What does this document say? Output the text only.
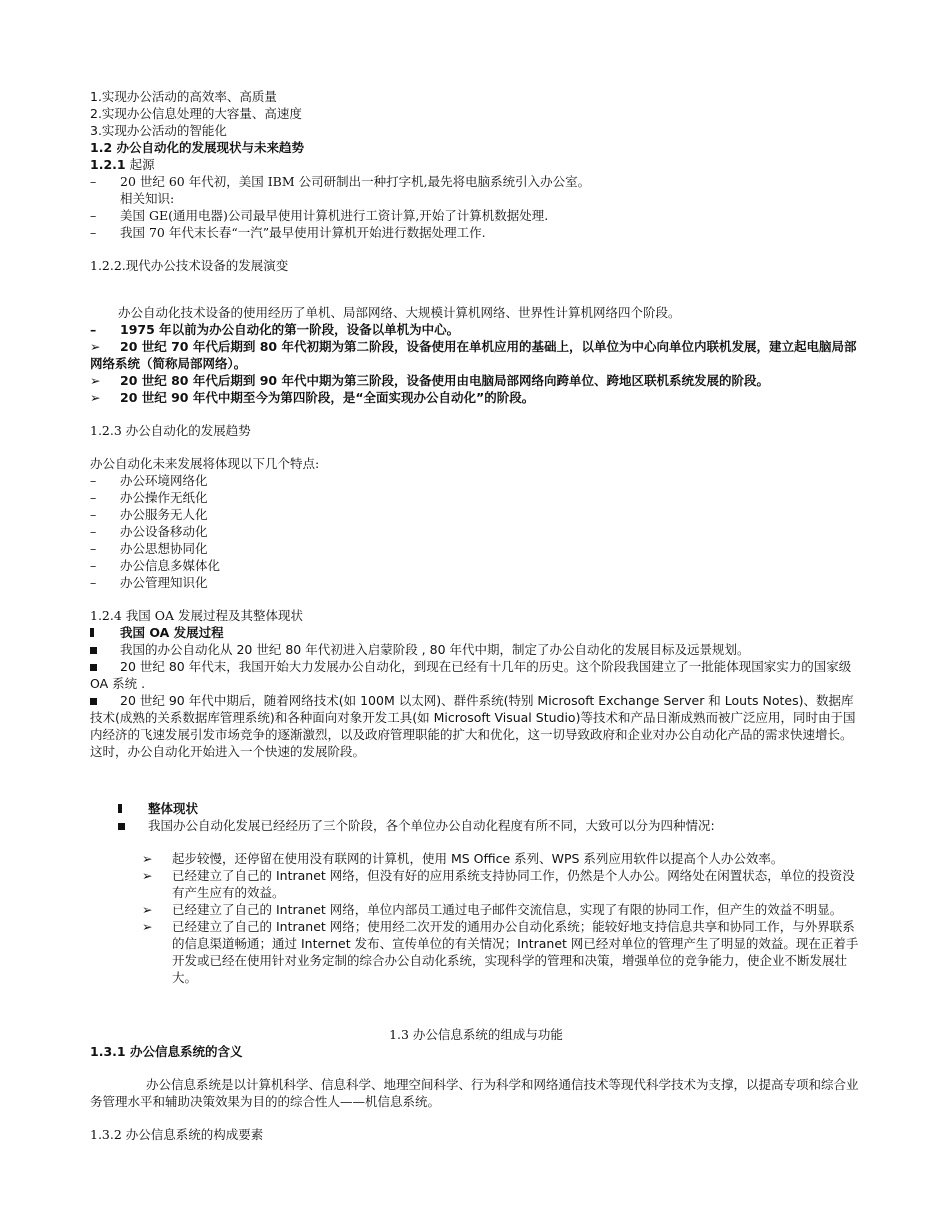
1.实现办公活动的高效率、高质量
2.实现办公信息处理的大容量、高速度
3.实现办公活动的智能化
1.2 办公自动化的发展现状与未来趋势
1.2.1 起源
–	20 世纪 60 年代初，美国 IBM 公司研制出一种打字机,最先将电脑系统引入办公室。
相关知识:
–	美国 GE(通用电器)公司最早使用计算机进行工资计算,开始了计算机数据处理.
–	我国 70 年代末长春“一汽”最早使用计算机开始进行数据处理工作.
1.2.2.现代办公技术设备的发展演变
办公自动化技术设备的使用经历了单机、局部网络、大规模计算机网络、世界性计算机网络四个阶段。
–	1975 年以前为办公自动化的第一阶段，设备以单机为中心。
➢	20 世纪 70 年代后期到 80 年代初期为第二阶段，设备使用在单机应用的基础上，以单位为中心向单位内联机发展，建立起电脑局部网络系统（简称局部网络）。
➢	20 世纪 80 年代后期到 90 年代中期为第三阶段，设备使用由电脑局部网络向跨单位、跨地区联机系统发展的阶段。
➢	20 世纪 90 年代中期至今为第四阶段，是“全面实现办公自动化”的阶段。
1.2.3 办公自动化的发展趋势
办公自动化未来发展将体现以下几个特点:
–	办公环境网络化
–	办公操作无纸化
–	办公服务无人化
–	办公设备移动化
–	办公思想协同化
–	办公信息多媒体化
–	办公管理知识化
1.2.4 我国 OA 发展过程及其整体现状
我国 OA 发展过程
我国的办公自动化从 20 世纪 80 年代初进入启蒙阶段 , 80 年代中期，制定了办公自动化的发展目标及远景规划。
20 世纪 80 年代末，我国开始大力发展办公自动化，到现在已经有十几年的历史。这个阶段我国建立了一批能体现国家实力的国家级 OA 系统 .
20 世纪 90 年代中期后，随着网络技术(如 100M 以太网)、群件系统(特别 Microsoft Exchange Server 和 Louts Notes)、数据库技术(成熟的关系数据库管理系统)和各种面向对象开发工具(如 Microsoft Visual Studio)等技术和产品日渐成熟而被广泛应用，同时由于国内经济的飞速发展引发市场竞争的逐渐激烈，以及政府管理职能的扩大和优化，这一切导致政府和企业对办公自动化产品的需求快速增长。这时，办公自动化开始进入一个快速的发展阶段。
整体现状
我国办公自动化发展已经经历了三个阶段，各个单位办公自动化程度有所不同，大致可以分为四种情况:
➢	起步较慢，还停留在使用没有联网的计算机，使用 MS Office 系列、WPS 系列应用软件以提高个人办公效率。
➢	已经建立了自己的 Intranet 网络，但没有好的应用系统支持协同工作，仍然是个人办公。网络处在闲置状态，单位的投资没有产生应有的效益。
➢	已经建立了自己的 Intranet 网络，单位内部员工通过电子邮件交流信息，实现了有限的协同工作，但产生的效益不明显。
➢	已经建立了自己的 Intranet 网络；使用经二次开发的通用办公自动化系统；能较好地支持信息共享和协同工作，与外界联系的信息渠道畅通；通过 Internet 发布、宣传单位的有关情况；Intranet 网已经对单位的管理产生了明显的效益。现在正着手开发或已经在使用针对业务定制的综合办公自动化系统，实现科学的管理和决策，增强单位的竞争能力，使企业不断发展壮大。
1.3 办公信息系统的组成与功能
1.3.1 办公信息系统的含义
办公信息系统是以计算机科学、信息科学、地理空间科学、行为科学和网络通信技术等现代科学技术为支撑，以提高专项和综合业务管理水平和辅助决策效果为目的的综合性人——机信息系统。
1.3.2 办公信息系统的构成要素
